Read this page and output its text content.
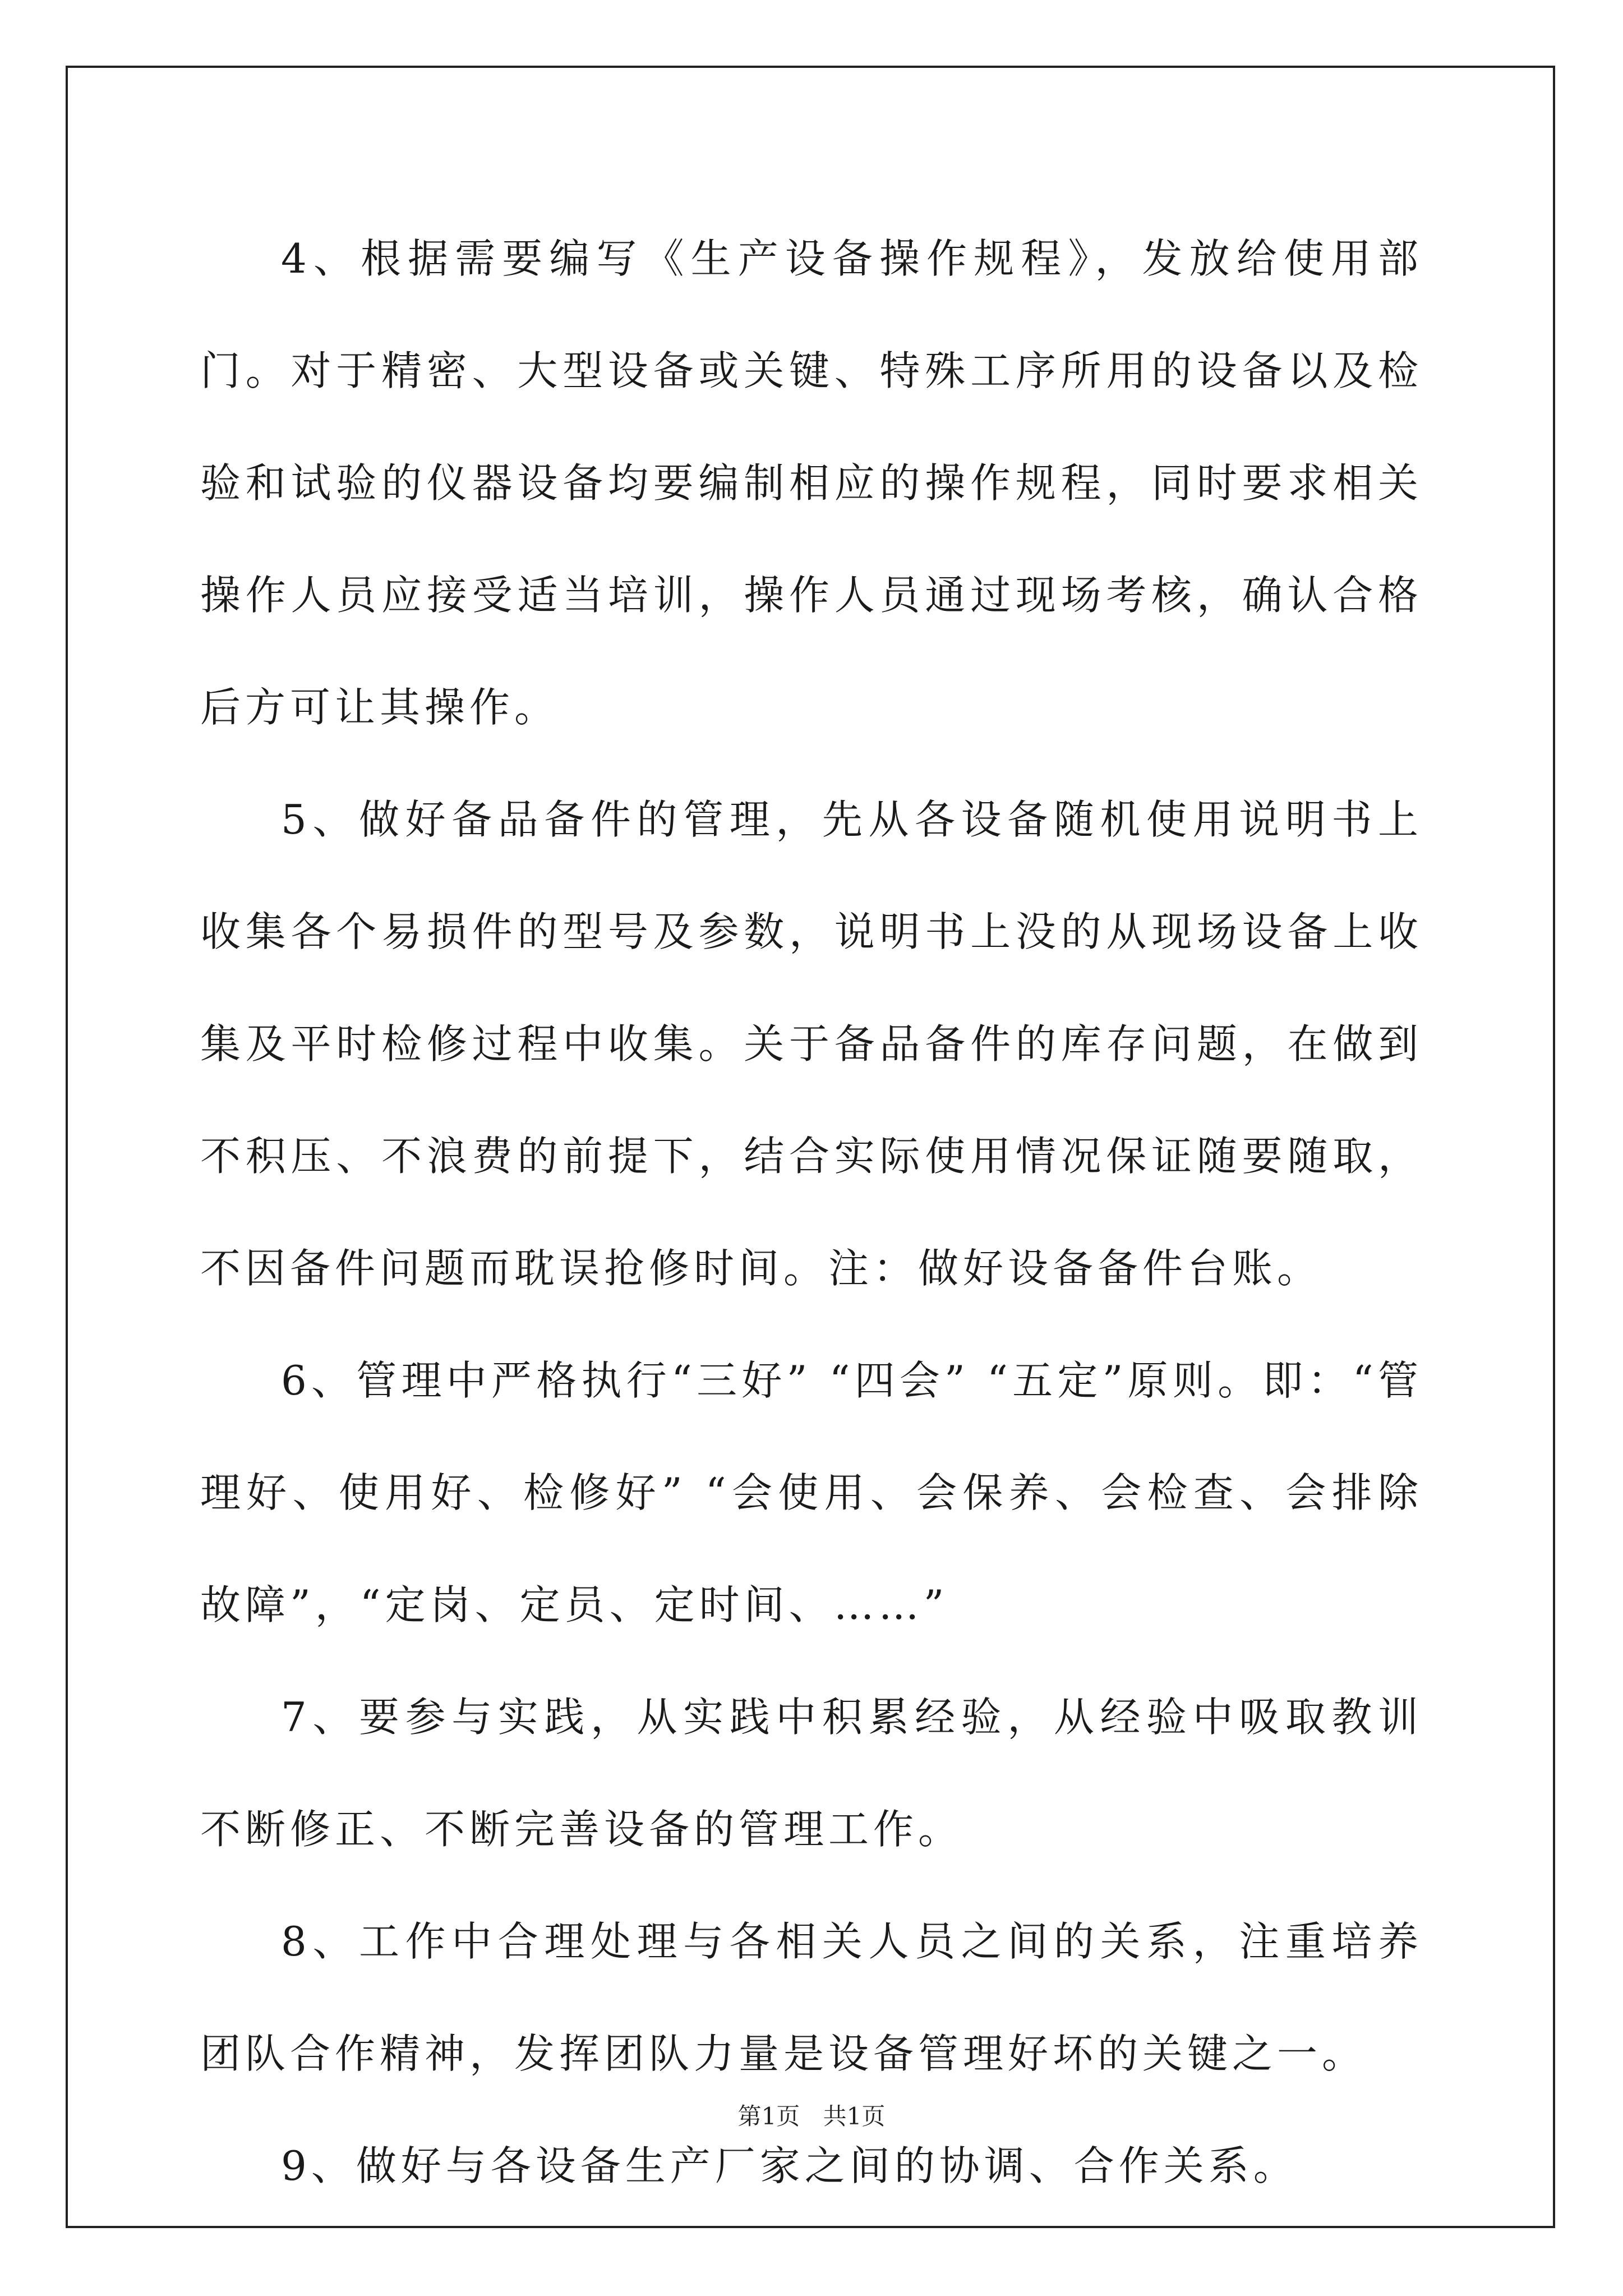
4、根据需要编写《生产设备操作规程》，发放给使用部门。对于精密、大型设备或关键、特殊工序所用的设备以及检验和试验的仪器设备均要编制相应的操作规程，同时要求相关操作人员应接受适当培训，操作人员通过现场考核，确认合格后方可让其操作。

5、做好备品备件的管理，先从各设备随机使用说明书上收集各个易损件的型号及参数，说明书上没的从现场设备上收集及平时检修过程中收集。关于备品备件的库存问题，在做到不积压、不浪费的前提下，结合实际使用情况保证随要随取，不因备件问题而耽误抢修时间。注：做好设备备件台账。

6、管理中严格执行“三好” “四会” “五定”原则。即：“管理好、使用好、检修好” “会使用、会保养、会检查、会排除故障”，“定岗、定员、定时间、……”

7、要参与实践，从实践中积累经验，从经验中吸取教训不断修正、不断完善设备的管理工作。

8、工作中合理处理与各相关人员之间的关系，注重培养团队合作精神，发挥团队力量是设备管理好坏的关键之一。

9、做好与各设备生产厂家之间的协调、合作关系。

第1页 共1页
